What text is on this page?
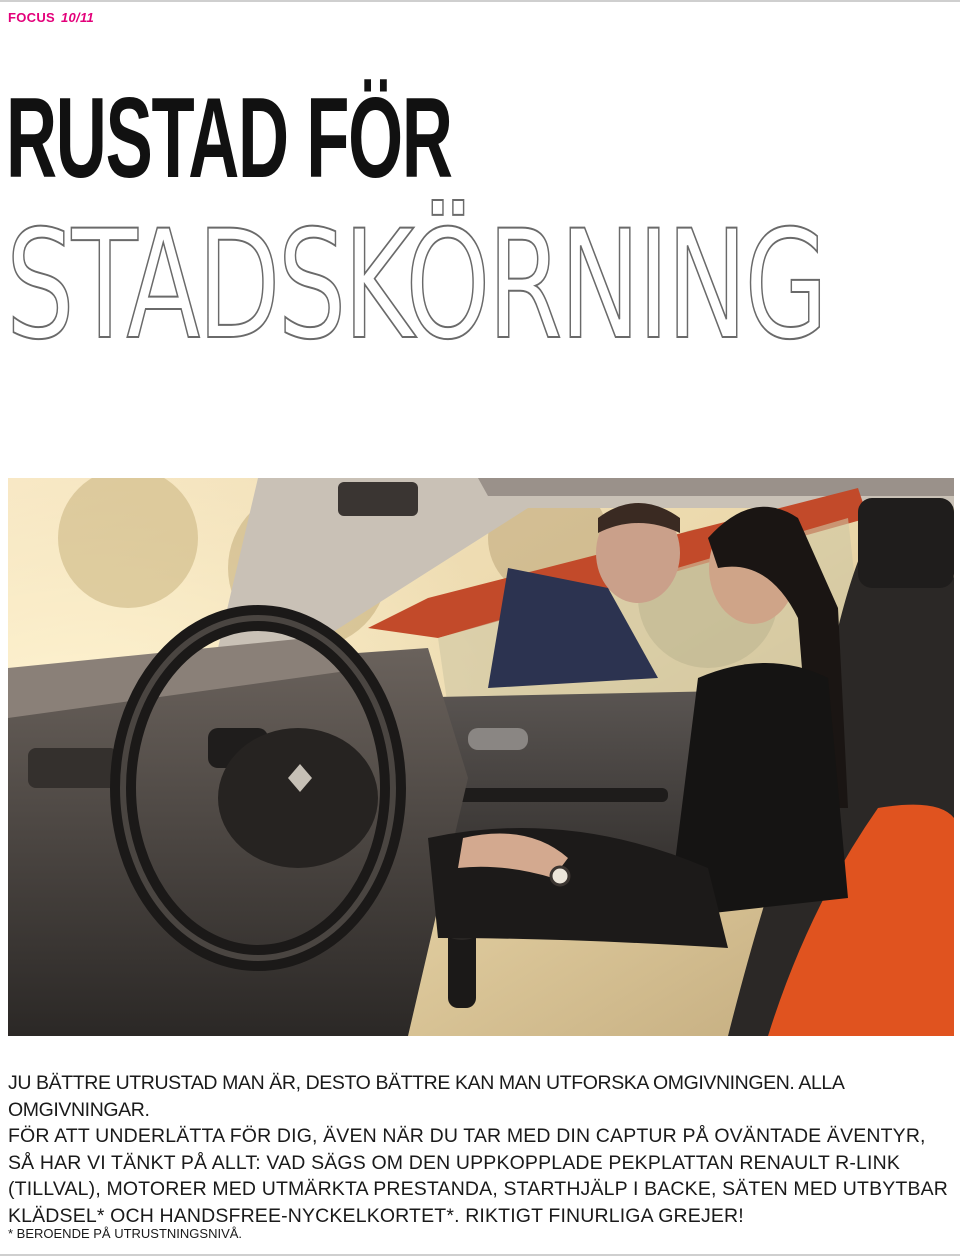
FOCUS 10/11
RUSTAD FÖR
STADSKÖRNING

JU BÄTTRE UTRUSTAD MAN ÄR, DESTO BÄTTRE KAN MAN UTFORSKA OMGIVNINGEN. ALLA OMGIVNINGAR.

FÖR ATT UNDERLÄTTA FÖR DIG, ÄVEN NÄR DU TAR MED DIN CAPTUR PÅ OVÄNTADE ÄVENTYR, SÅ HAR VI TÄNKT PÅ ALLT: VAD SÄGS OM DEN UPPKOPPLADE PEKPLATTAN RENAULT R-LINK (TILLVAL), MOTORER MED UTMÄRKTA PRESTANDA, STARTHJÄLP I BACKE, SÄTEN MED UTBYTBAR KLÄDSEL* OCH HANDSFREE-NYCKELKORTET*. RIKTIGT FINURLIGA GREJER!

* BEROENDE PÅ UTRUSTNINGSNIVÅ.
